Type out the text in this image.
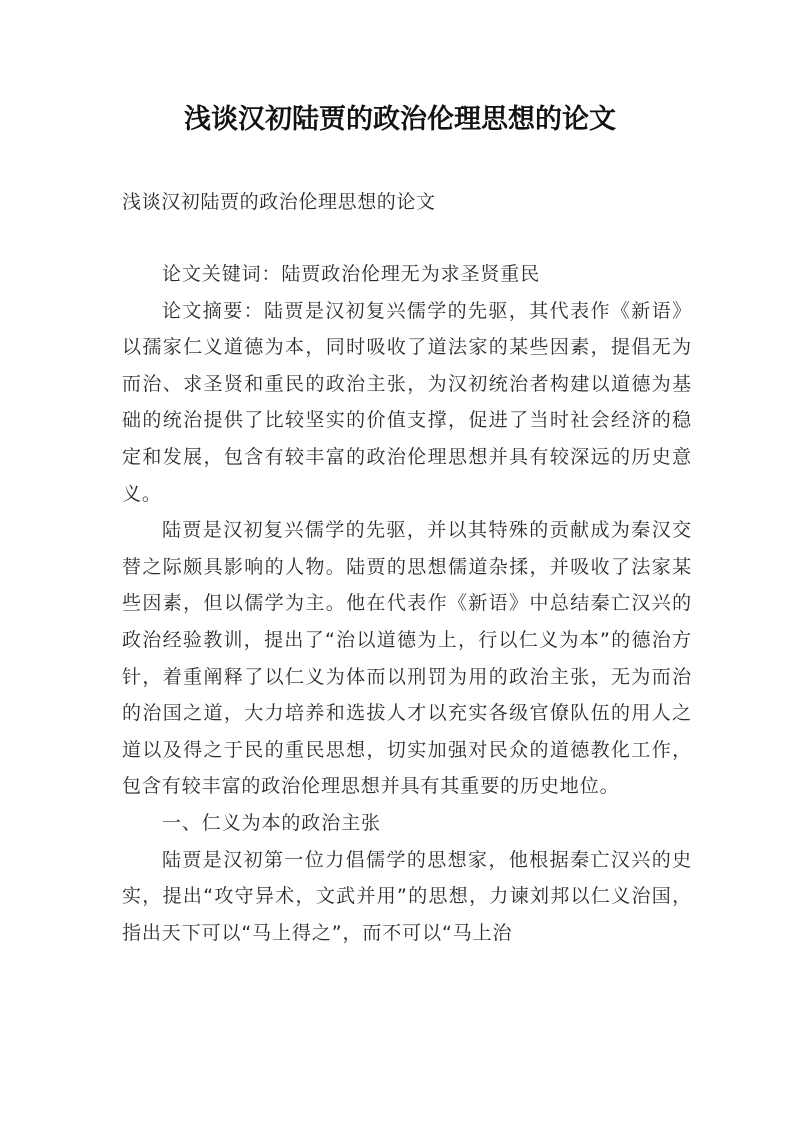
浅谈汉初陆贾的政治伦理思想的论文

浅谈汉初陆贾的政治伦理思想的论文

论文关键词：陆贾政治伦理无为求圣贤重民

论文摘要：陆贾是汉初复兴儒学的先驱，其代表作《新语》以孺家仁义道德为本，同时吸收了道法家的某些因素，提倡无为而治、求圣贤和重民的政治主张，为汉初统治者构建以道德为基础的统治提供了比较坚实的价值支撑，促进了当时社会经济的稳定和发展，包含有较丰富的政治伦理思想并具有较深远的历史意义。

陆贾是汉初复兴儒学的先驱，并以其特殊的贡献成为秦汉交替之际颇具影响的人物。陆贾的思想儒道杂揉，并吸收了法家某些因素，但以儒学为主。他在代表作《新语》中总结秦亡汉兴的政治经验教训，提出了“治以道德为上，行以仁义为本”的德治方针，着重阐释了以仁义为体而以刑罚为用的政治主张，无为而治的治国之道，大力培养和选拔人才以充实各级官僚队伍的用人之道以及得之于民的重民思想，切实加强对民众的道德教化工作，包含有较丰富的政治伦理思想并具有其重要的历史地位。

一、仁义为本的政治主张

陆贾是汉初第一位力倡儒学的思想家，他根据秦亡汉兴的史实，提出“攻守异术，文武并用”的思想，力谏刘邦以仁义治国，指出天下可以“马上得之”，而不可以“马上治
